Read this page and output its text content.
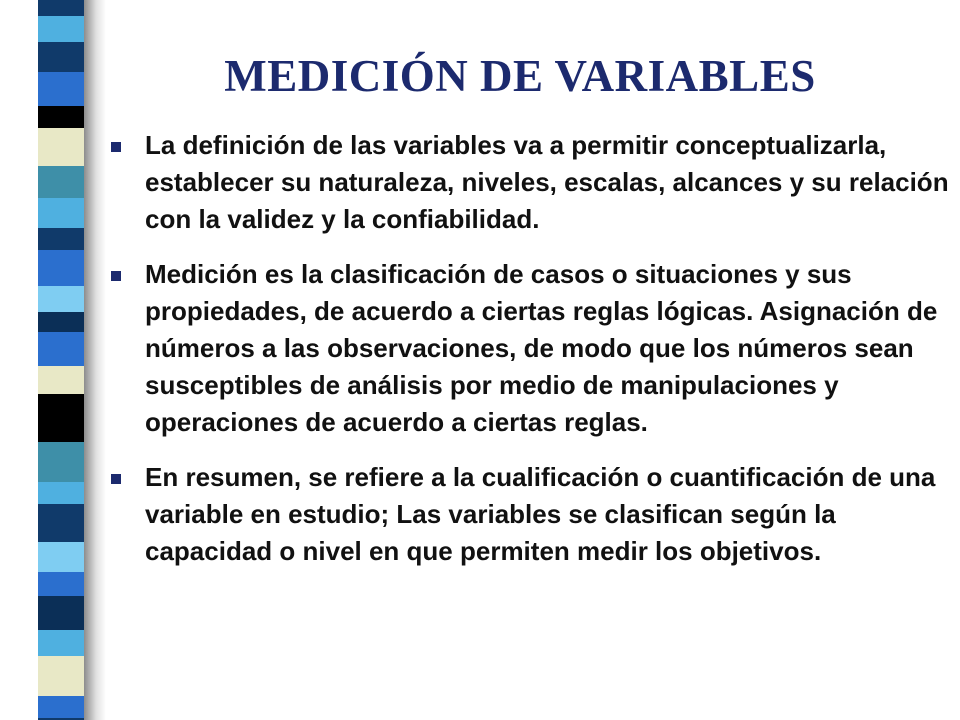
MEDICIÓN DE VARIABLES
La definición de las variables va a permitir conceptualizarla, establecer su naturaleza, niveles, escalas, alcances y su relación con la validez y la confiabilidad.
Medición es la clasificación de casos o situaciones y sus propiedades, de acuerdo a ciertas reglas lógicas. Asignación de números a las observaciones, de modo que los números sean susceptibles de análisis por medio de manipulaciones y operaciones de acuerdo a ciertas reglas.
En resumen, se refiere a la cualificación o cuantificación de una variable en estudio; Las variables se clasifican según la capacidad o nivel en que permiten medir los objetivos.
